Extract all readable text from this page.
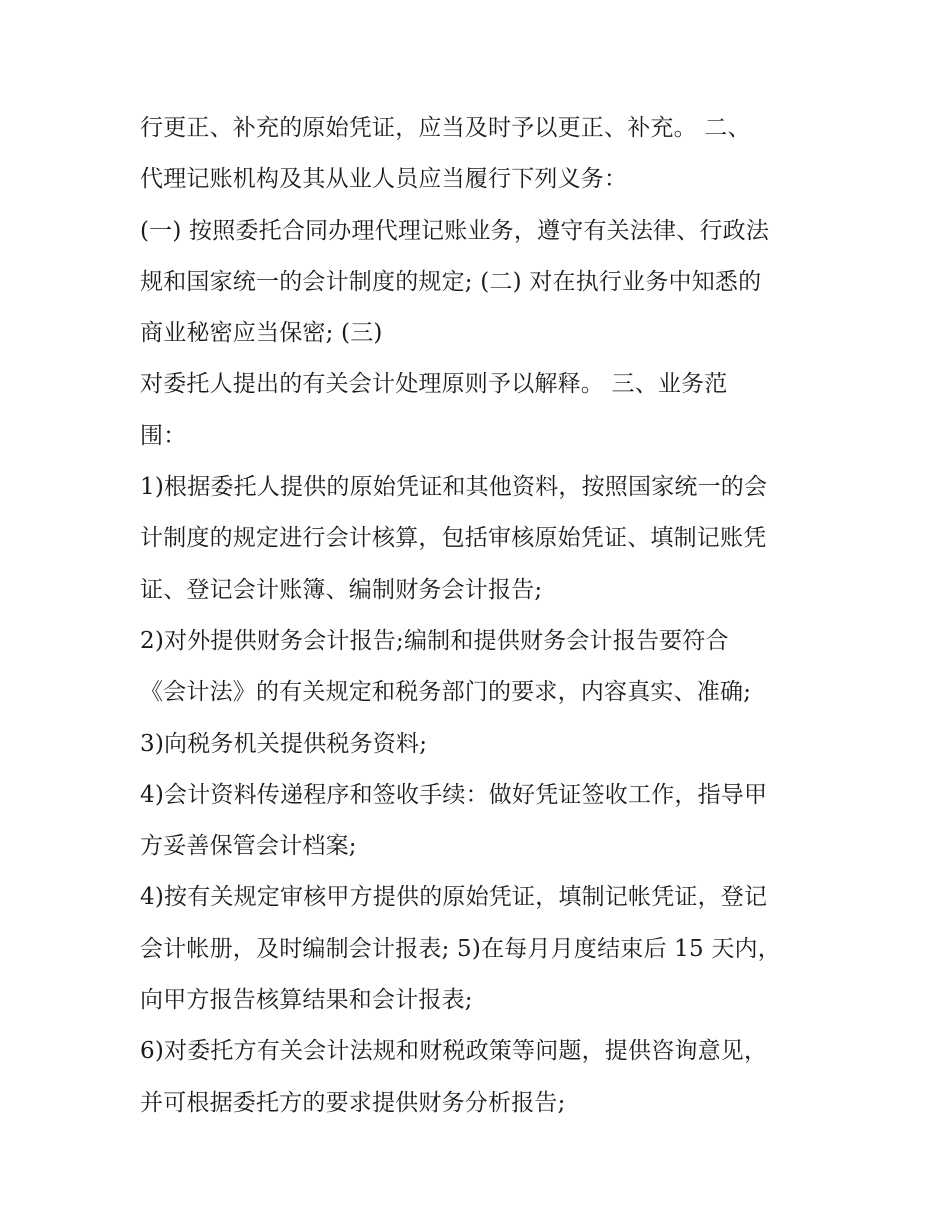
行更正、补充的原始凭证，应当及时予以更正、补充。 二、
代理记账机构及其从业人员应当履行下列义务：
(一) 按照委托合同办理代理记账业务，遵守有关法律、行政法
规和国家统一的会计制度的规定; (二) 对在执行业务中知悉的
商业秘密应当保密; (三)
对委托人提出的有关会计处理原则予以解释。 三、业务范
围：
1)根据委托人提供的原始凭证和其他资料，按照国家统一的会
计制度的规定进行会计核算，包括审核原始凭证、填制记账凭
证、登记会计账簿、编制财务会计报告;
2)对外提供财务会计报告;编制和提供财务会计报告要符合
《会计法》的有关规定和税务部门的要求，内容真实、准确;
3)向税务机关提供税务资料;
4)会计资料传递程序和签收手续：做好凭证签收工作，指导甲
方妥善保管会计档案;
4)按有关规定审核甲方提供的原始凭证，填制记帐凭证，登记
会计帐册，及时编制会计报表; 5)在每月月度结束后 15 天内，
向甲方报告核算结果和会计报表;
6)对委托方有关会计法规和财税政策等问题，提供咨询意见，
并可根据委托方的要求提供财务分析报告;
